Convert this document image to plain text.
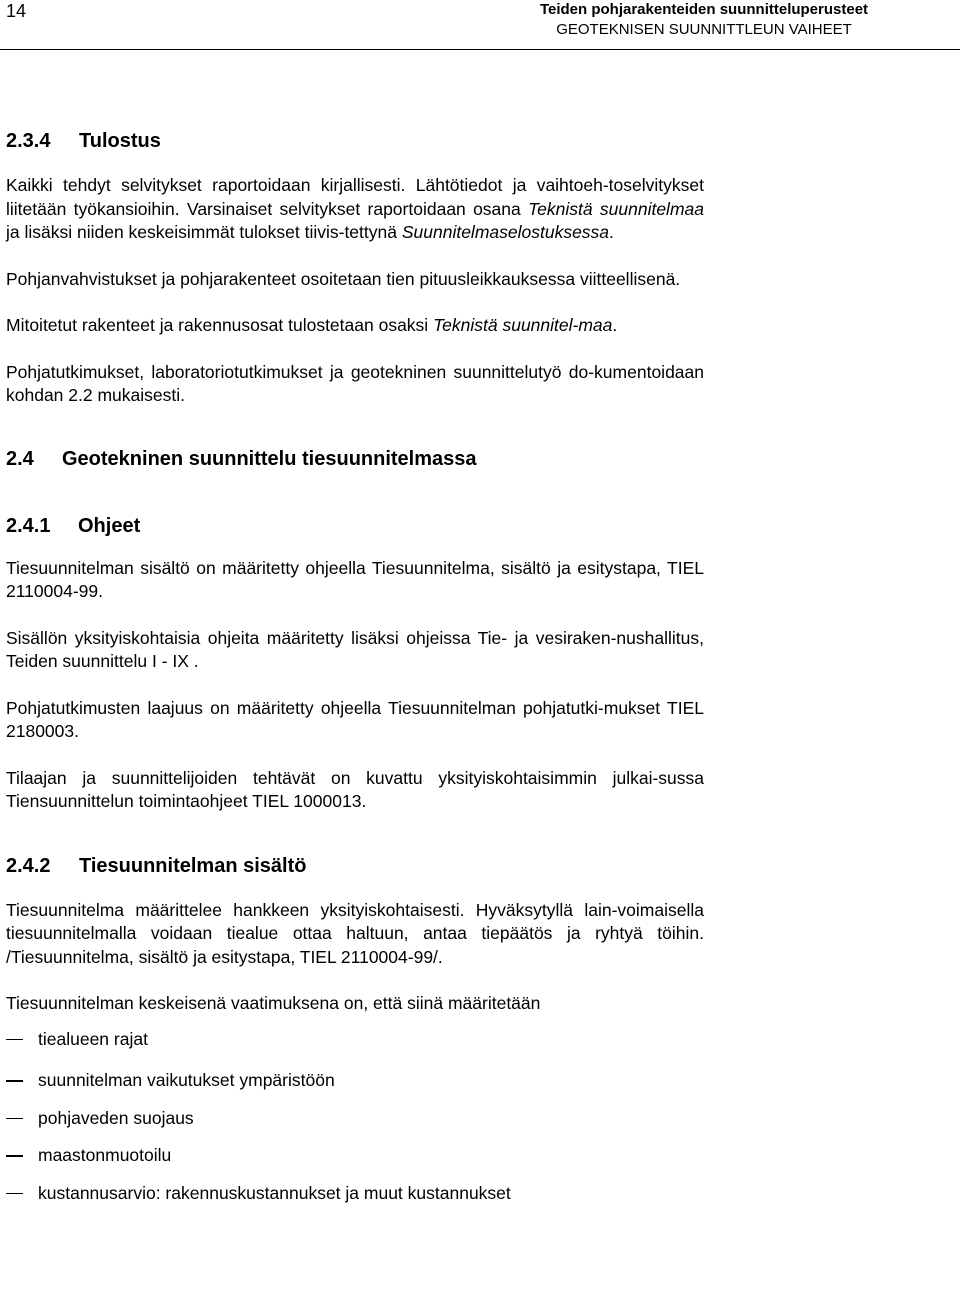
14	Teiden pohjarakenteiden suunnitteluperusteet
GEOTEKNISEN SUUNNITTLEUN VAIHEET
2.3.4 Tulostus

Kaikki tehdyt selvitykset raportoidaan kirjallisesti. Lähtötiedot ja vaihtoeh-toselvitykset liitetään työkansioihin. Varsinaiset selvitykset raportoidaan osana Teknistä suunnitelmaa ja lisäksi niiden keskeisimmät tulokset tiivis-tettynä Suunnitelmaselostuksessa.

Pohjanvahvistukset ja pohjarakenteet osoitetaan tien pituusleikkauksessa viitteellisenä.

Mitoitetut rakenteet ja rakennusosat tulostetaan osaksi Teknistä suunnitel-maa.

Pohjatutkimukset, laboratoriotutkimukset ja geotekninen suunnittelutyö do-kumentoidaan kohdan 2.2 mukaisesti.

2.4 Geotekninen suunnittelu tiesuunnitelmassa
2.4.1 Ohjeet

Tiesuunnitelman sisältö on määritetty ohjeella Tiesuunnitelma, sisältö ja esitystapa, TIEL 2110004-99.

Sisällön yksityiskohtaisia ohjeita määritetty lisäksi ohjeissa Tie- ja vesiraken-nushallitus, Teiden suunnittelu I - IX .

Pohjatutkimusten laajuus on määritetty ohjeella Tiesuunnitelman pohjatutki-mukset TIEL 2180003.

Tilaajan ja suunnittelijoiden tehtävät on kuvattu yksityiskohtaisimmin julkai-sussa Tiensuunnittelun toimintaohjeet TIEL 1000013.

2.4.2 Tiesuunnitelman sisältö

Tiesuunnitelma määrittelee hankkeen yksityiskohtaisesti. Hyväksytyllä lain-voimaisella tiesuunnitelmalla voidaan tiealue ottaa haltuun, antaa tiepäätös ja ryhtyä töihin. /Tiesuunnitelma, sisältö ja esitystapa, TIEL 2110004-99/.

Tiesuunnitelman keskeisenä vaatimuksena on, että siinä määritetään

tiealueen rajat
suunnitelman vaikutukset ympäristöön
pohjaveden suojaus
maastonmuotoilu
kustannusarvio: rakennuskustannukset ja muut kustannukset
